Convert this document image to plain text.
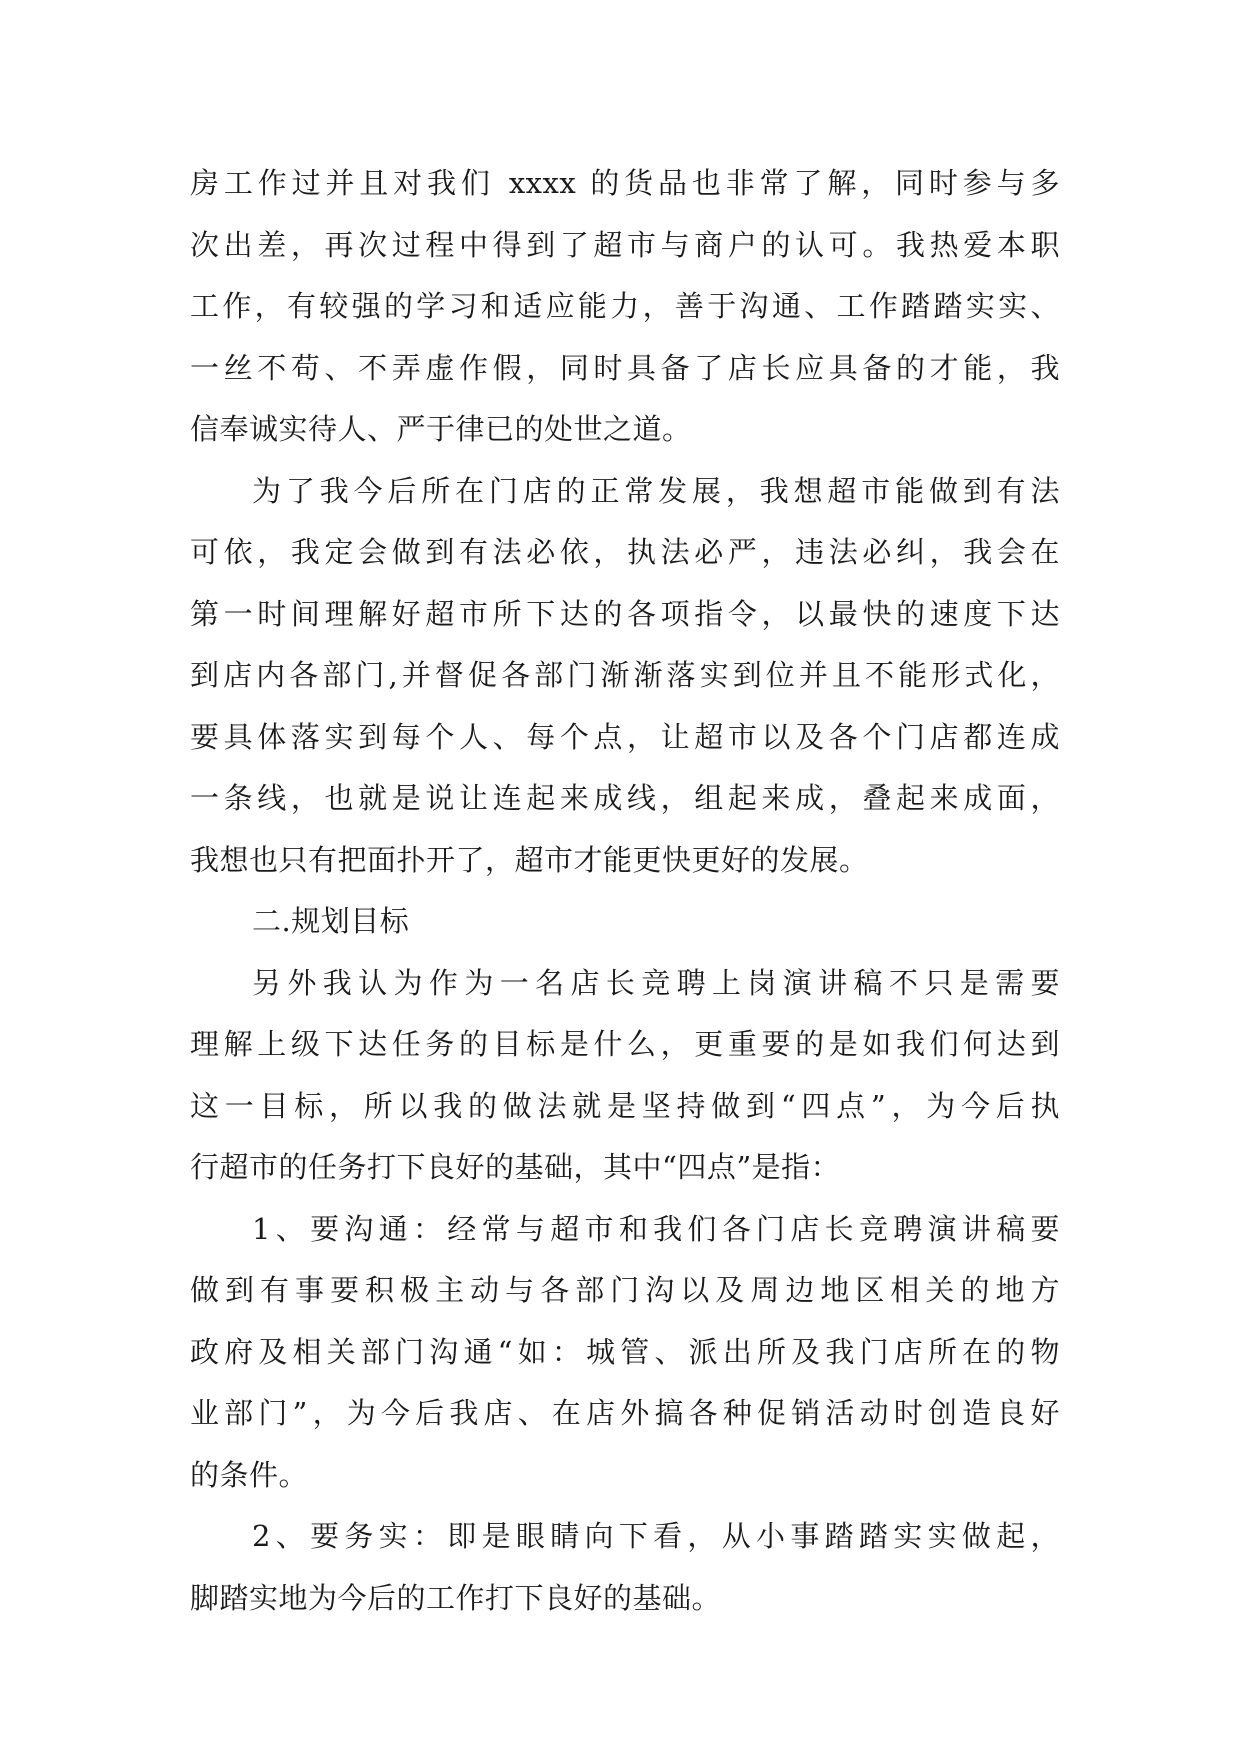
房工作过并且对我们 xxxx 的货品也非常了解，同时参与多
次出差，再次过程中得到了超市与商户的认可。我热爱本职
工作，有较强的学习和适应能力，善于沟通、工作踏踏实实、
一丝不苟、不弄虚作假，同时具备了店长应具备的才能，我
信奉诚实待人、严于律已的处世之道。
为了我今后所在门店的正常发展，我想超市能做到有法
可依，我定会做到有法必依，执法必严，违法必纠，我会在
第一时间理解好超市所下达的各项指令，以最快的速度下达
到店内各部门,并督促各部门渐渐落实到位并且不能形式化，
要具体落实到每个人、每个点，让超市以及各个门店都连成
一条线，也就是说让连起来成线，组起来成，叠起来成面，
我想也只有把面扑开了，超市才能更快更好的发展。
二.规划目标
另外我认为作为一名店长竞聘上岗演讲稿不只是需要
理解上级下达任务的目标是什么，更重要的是如我们何达到
这一目标，所以我的做法就是坚持做到“四点”，为今后执
行超市的任务打下良好的基础，其中“四点”是指：
1、要沟通：经常与超市和我们各门店长竞聘演讲稿要
做到有事要积极主动与各部门沟以及周边地区相关的地方
政府及相关部门沟通“如：城管、派出所及我门店所在的物
业部门”，为今后我店、在店外搞各种促销活动时创造良好
的条件。
2、要务实：即是眼睛向下看，从小事踏踏实实做起，
脚踏实地为今后的工作打下良好的基础。
